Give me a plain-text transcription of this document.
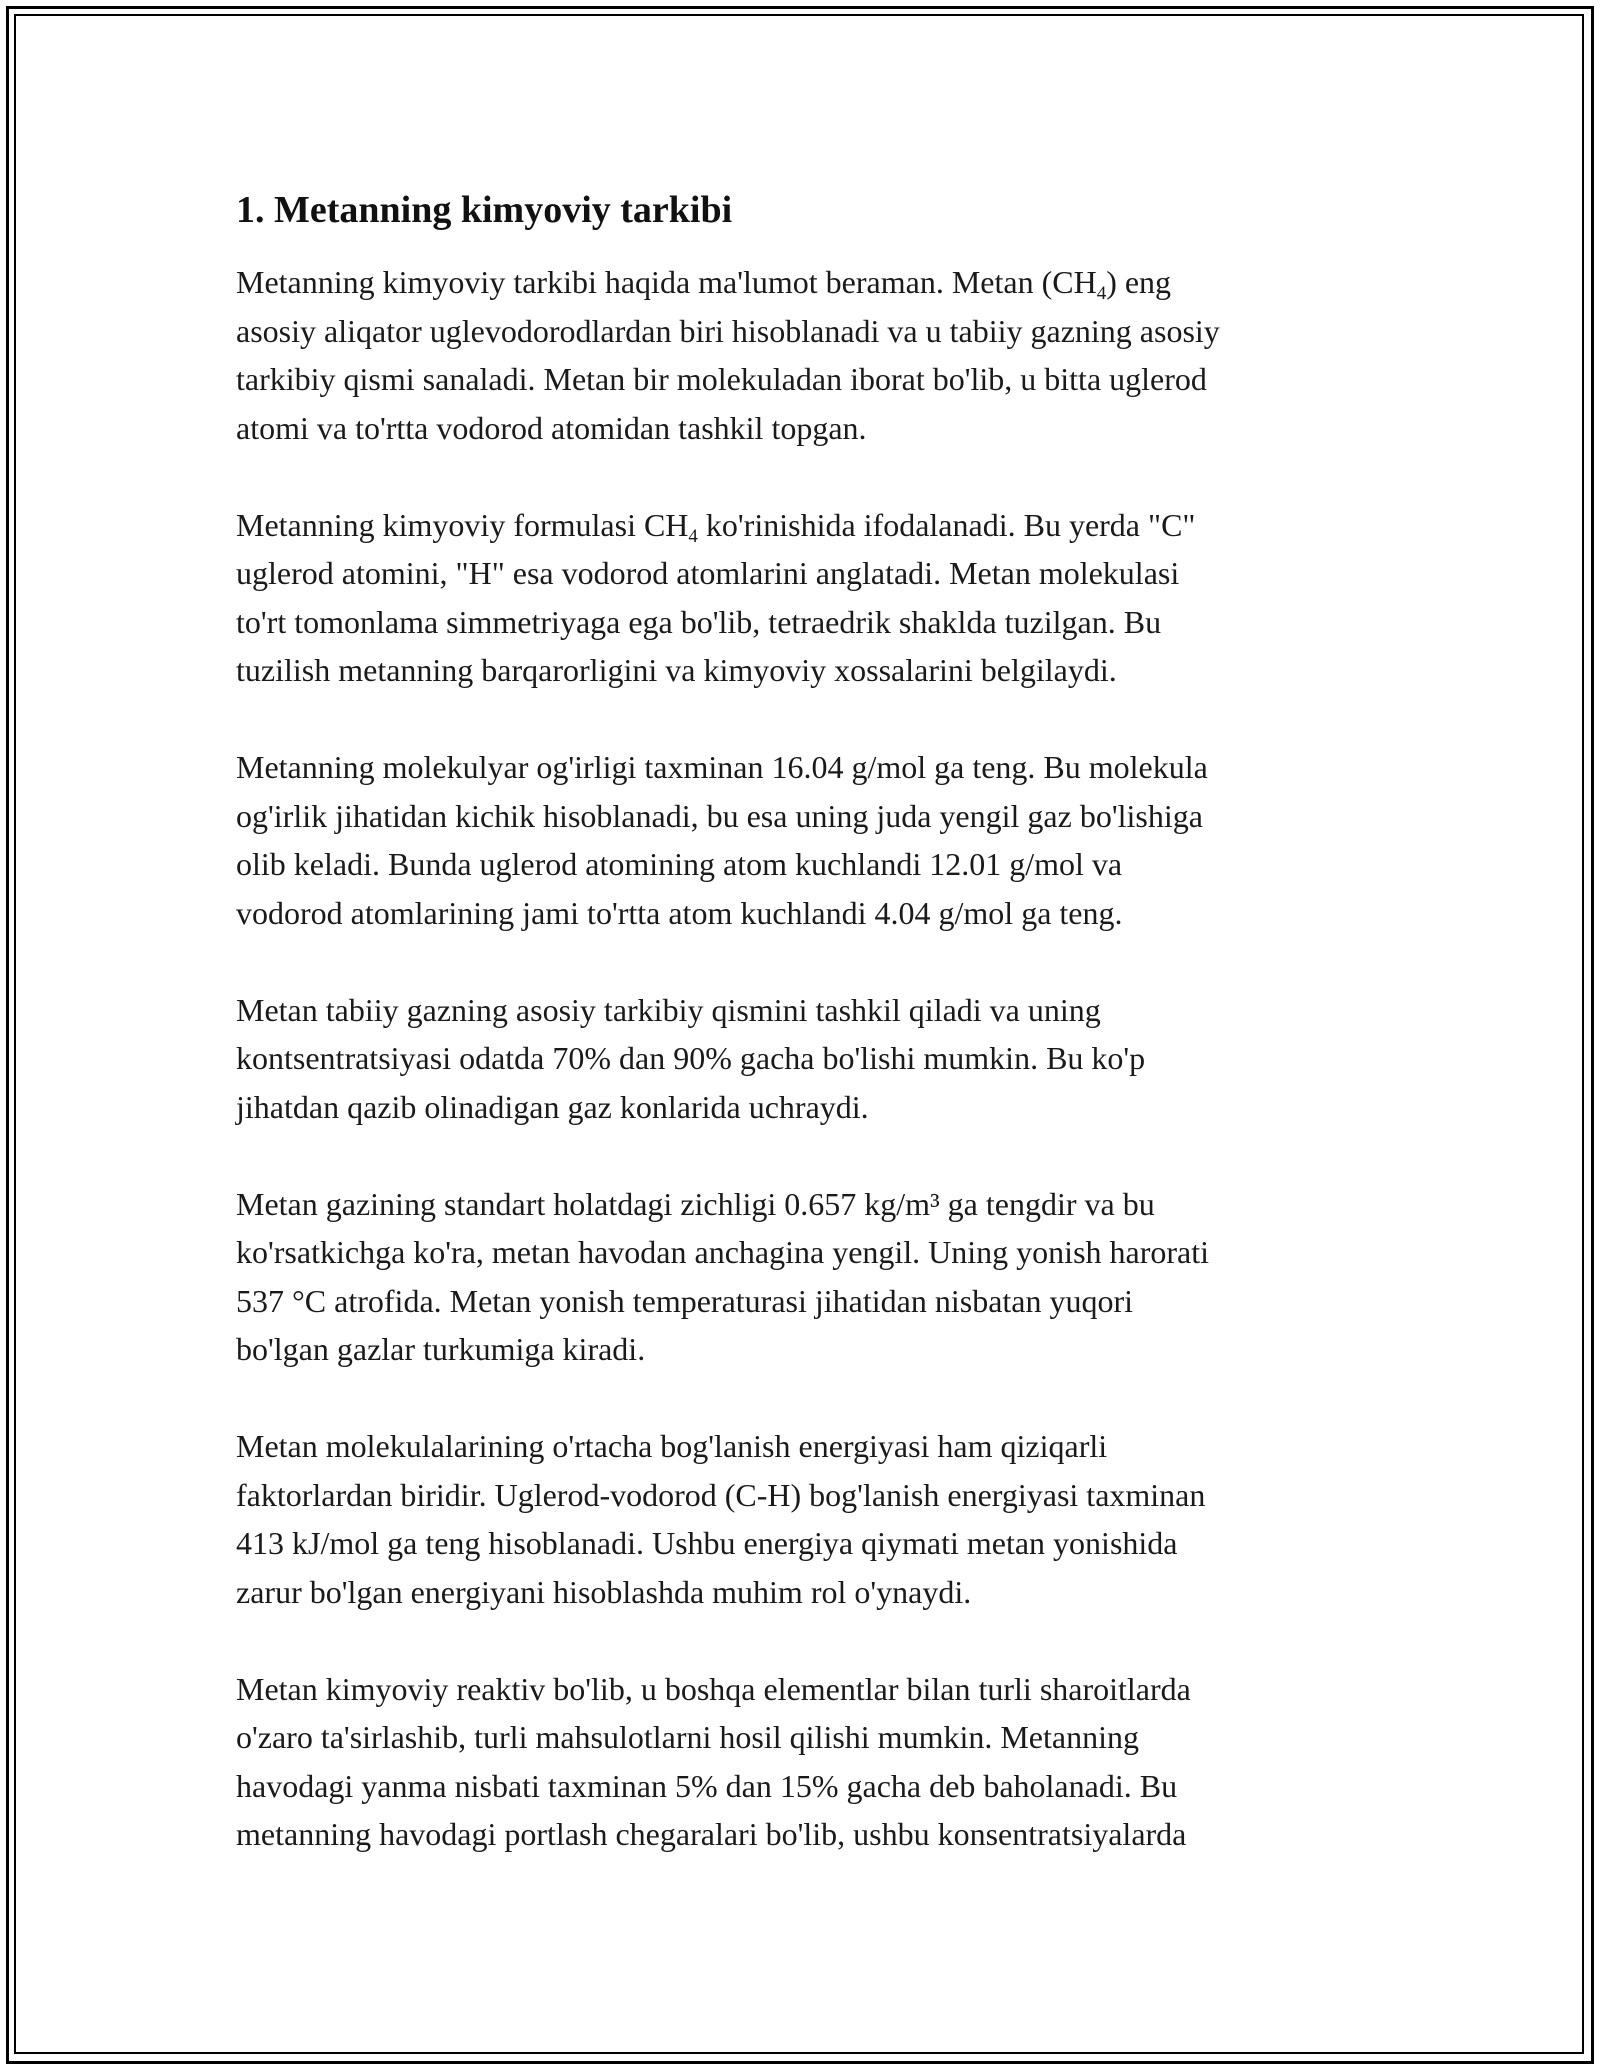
1. Metanning kimyoviy tarkibi
Metanning kimyoviy tarkibi haqida ma'lumot beraman. Metan $(CH_4)$ eng
asosiy aliqator uglevodorodlardan biri hisoblanadi va u tabiiy gazning asosiy
tarkibiy qismi sanaladi. Metan bir molekuladan iborat bo'lib, u bitta uglerod
atomi va to'rtta vodorod atomidan tashkil topgan.
Metanning kimyoviy formulasi $CH_4$ ko'rinishida ifodalanadi. Bu yerda "C"
uglerod atomini, "H" esa vodorod atomlarini anglatadi. Metan molekulasi
to'rt tomonlama simmetriyaga ega bo'lib, tetraedrik shaklda tuzilgan. Bu
tuzilish metanning barqarorligini va kimyoviy xossalarini belgilaydi.
Metanning molekulyar og'irligi taxminan 16.04 g/mol ga teng. Bu molekula
og'irlik jihatidan kichik hisoblanadi, bu esa uning juda yengil gaz bo'lishiga
olib keladi. Bunda uglerod atomining atom kuchlandi 12.01 g/mol va
vodorod atomlarining jami to'rtta atom kuchlandi 4.04 g/mol ga teng.
Metan tabiiy gazning asosiy tarkibiy qismini tashkil qiladi va uning
kontsentratsiyasi odatda 70% dan 90% gacha bo'lishi mumkin. Bu ko'p
jihatdan qazib olinadigan gaz konlarida uchraydi.
Metan gazining standart holatdagi zichligi 0.657 kg/m³ ga tengdir va bu
ko'rsatkichga ko'ra, metan havodan anchagina yengil. Uning yonish harorati
537 °C atrofida. Metan yonish temperaturasi jihatidan nisbatan yuqori
bo'lgan gazlar turkumiga kiradi.
Metan molekulalarining o'rtacha bog'lanish energiyasi ham qiziqarli
faktorlardan biridir. Uglerod-vodorod (C-H) bog'lanish energiyasi taxminan
413 kJ/mol ga teng hisoblanadi. Ushbu energiya qiymati metan yonishida
zarur bo'lgan energiyani hisoblashda muhim rol o'ynaydi.
Metan kimyoviy reaktiv bo'lib, u boshqa elementlar bilan turli sharoitlarda
o'zaro ta'sirlashib, turli mahsulotlarni hosil qilishi mumkin. Metanning
havodagi yanma nisbati taxminan 5% dan 15% gacha deb baholanadi. Bu
metanning havodagi portlash chegaralari bo'lib, ushbu konsentratsiyalarda
